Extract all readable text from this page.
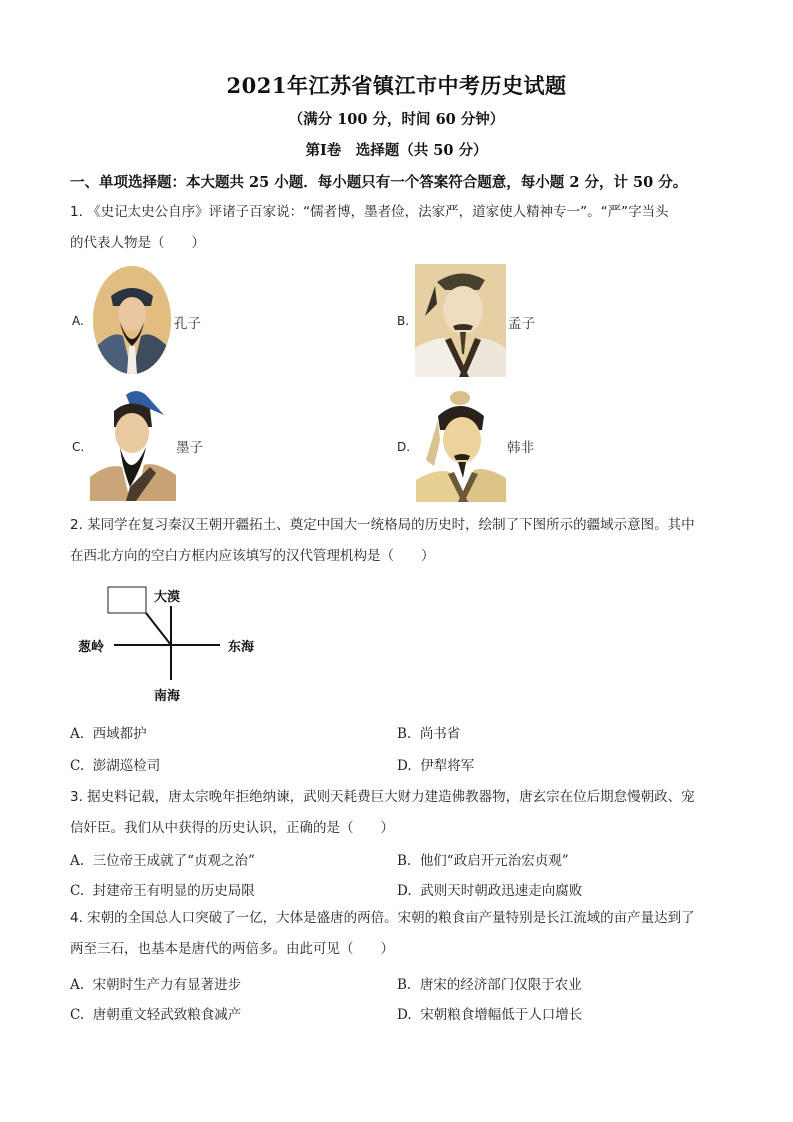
2021年江苏省镇江市中考历史试题
（满分 100 分，时间 60 分钟）
第Ⅰ卷　选择题（共 50 分）
一、单项选择题：本大题共 25 小题．每小题只有一个答案符合题意，每小题 2 分，计 50 分。
1. 《史记太史公自序》评诸子百家说：“儒者博，墨者俭，法家严，道家使人精神专一”。“严”字当头
的代表人物是（　　）
A.	孔子	B.	孟子
C.	墨子	D.	韩非
2. 某同学在复习秦汉王朝开疆拓土、奠定中国大一统格局的历史时，绘制了下图所示的疆域示意图。其中
在西北方向的空白方框内应该填写的汉代管理机构是（　　）
大漠
葱岭	东海
南海
A. 西域都护	B. 尚书省
C. 澎湖巡检司	D. 伊犁将军
3. 据史料记载，唐太宗晚年拒绝纳谏，武则天耗费巨大财力建造佛教器物，唐玄宗在位后期怠慢朝政、宠
信奸臣。我们从中获得的历史认识，正确的是（　　）
A. 三位帝王成就了“贞观之治”	B. 他们“政启开元治宏贞观”
C. 封建帝王有明显的历史局限	D. 武则天时朝政迅速走向腐败
4. 宋朝的全国总人口突破了一亿，大体是盛唐的两倍。宋朝的粮食亩产量特别是长江流域的亩产量达到了
两至三石，也基本是唐代的两倍多。由此可见（　　）
A. 宋朝时生产力有显著进步	B. 唐宋的经济部门仅限于农业
C. 唐朝重文轻武致粮食减产	D. 宋朝粮食增幅低于人口增长
